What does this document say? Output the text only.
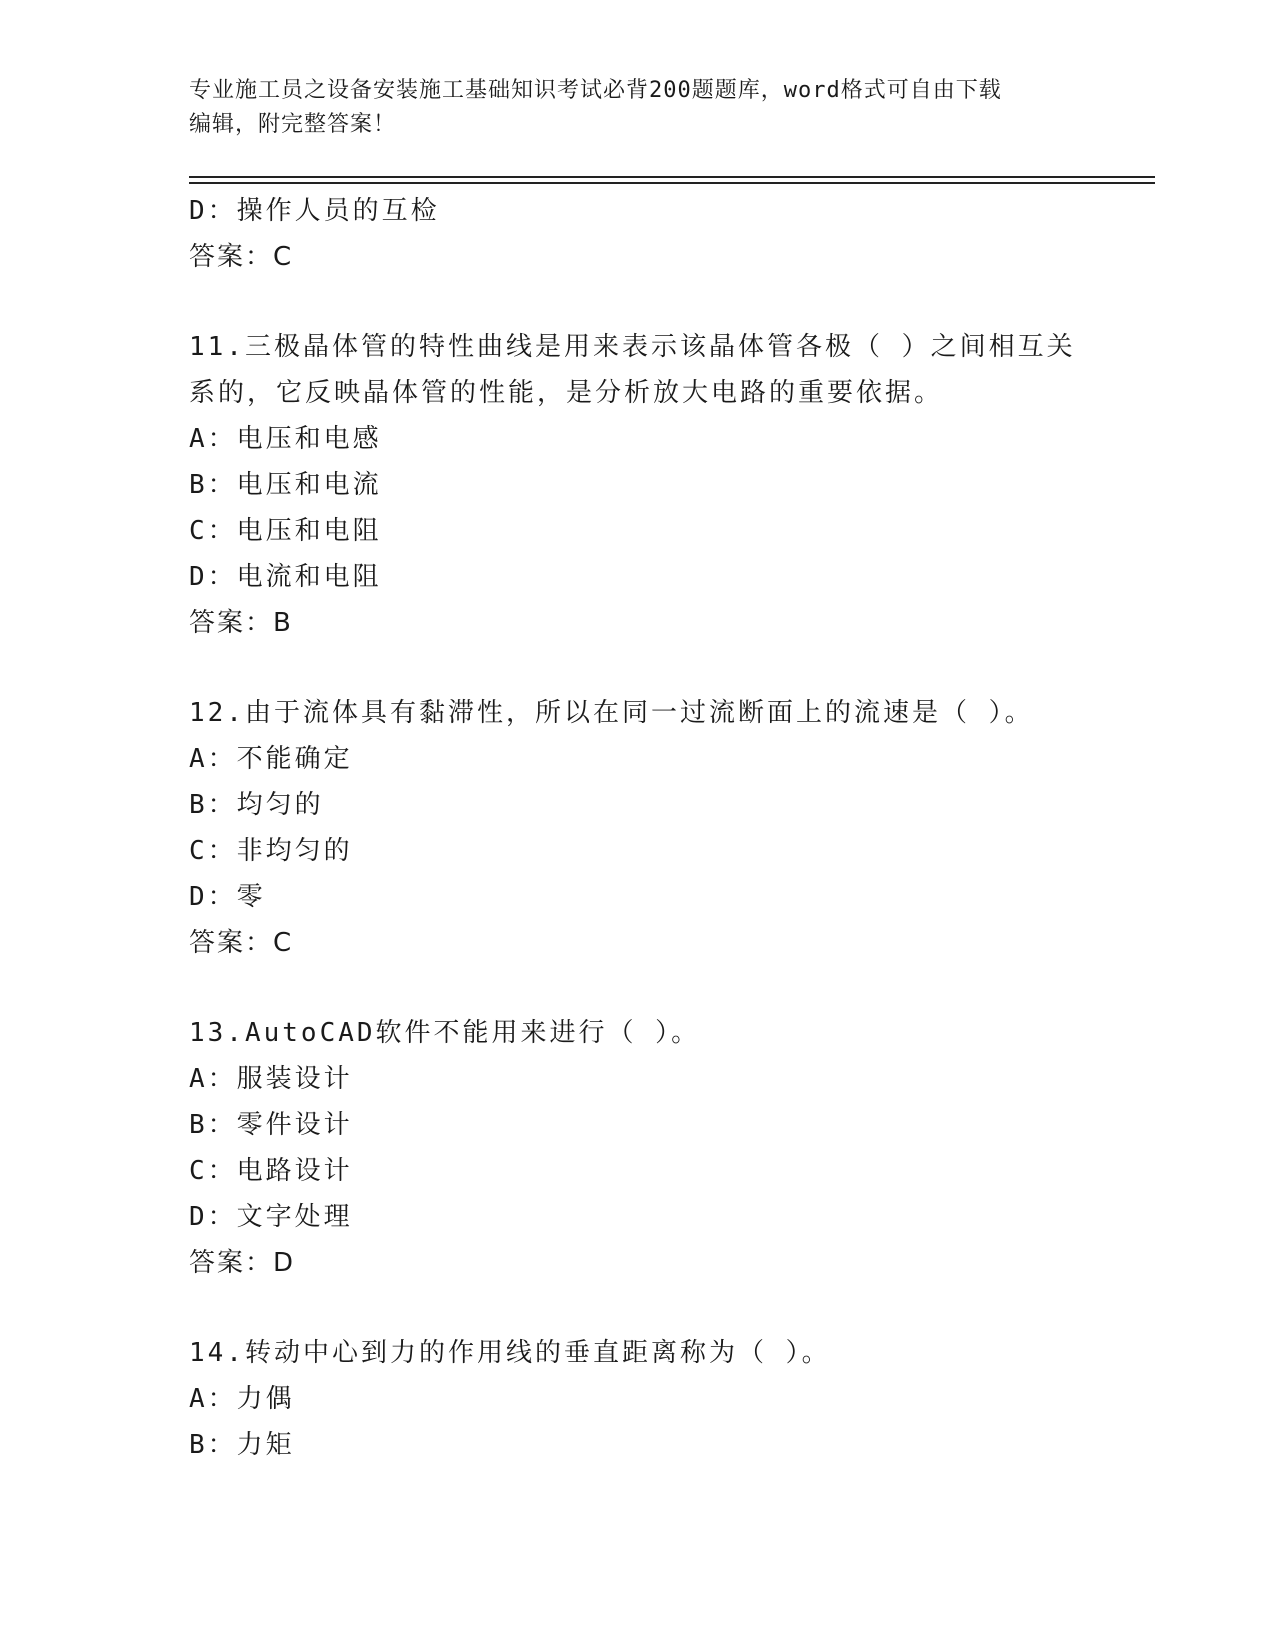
专业施工员之设备安装施工基础知识考试必背200题题库，word格式可自由下载
编辑，附完整答案！
D：操作人员的互检
答案：C
11.三极晶体管的特性曲线是用来表示该晶体管各极（ ）之间相互关
系的，它反映晶体管的性能，是分析放大电路的重要依据。
A：电压和电感
B：电压和电流
C：电压和电阻
D：电流和电阻
答案：B
12.由于流体具有黏滞性，所以在同一过流断面上的流速是（ ）。
A：不能确定
B：均匀的
C：非均匀的
D：零
答案：C
13.AutoCAD软件不能用来进行（ ）。
A：服装设计
B：零件设计
C：电路设计
D：文字处理
答案：D
14.转动中心到力的作用线的垂直距离称为（ ）。
A：力偶
B：力矩
